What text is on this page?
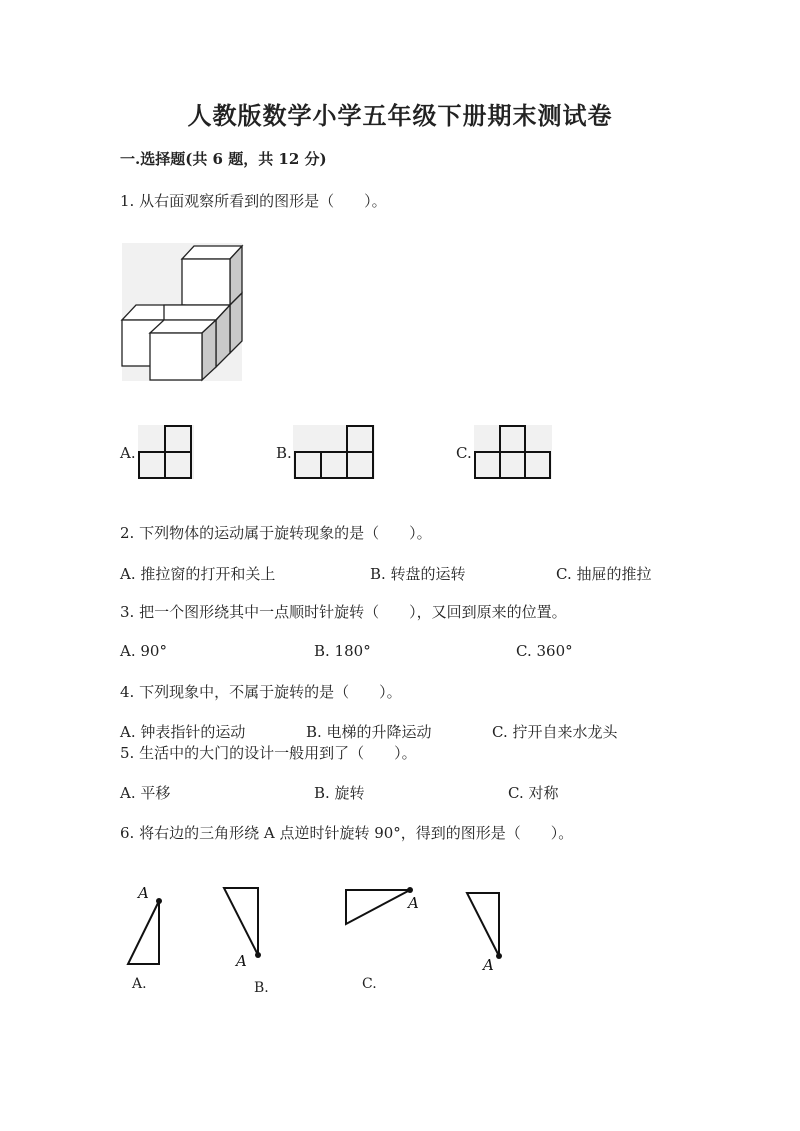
人教版数学小学五年级下册期末测试卷
一.选择题(共 6 题，共 12 分)
1. 从右面观察所看到的图形是（　　）。
A.	B.	C.
2. 下列物体的运动属于旋转现象的是（　　）。
A. 推拉窗的打开和关上	B. 转盘的运转	C. 抽屉的推拉
3. 把一个图形绕其中一点顺时针旋转（　　），又回到原来的位置。
A. 90°	B. 180°	C. 360°
4. 下列现象中，不属于旋转的是（　　）。
A. 钟表指针的运动	B. 电梯的升降运动	C. 拧开自来水龙头
5. 生活中的大门的设计一般用到了（　　）。
A. 平移	B. 旋转	C. 对称
6. 将右边的三角形绕 A 点逆时针旋转 90°，得到的图形是（　　）。
A
A.
A
B.
A
C.
A
